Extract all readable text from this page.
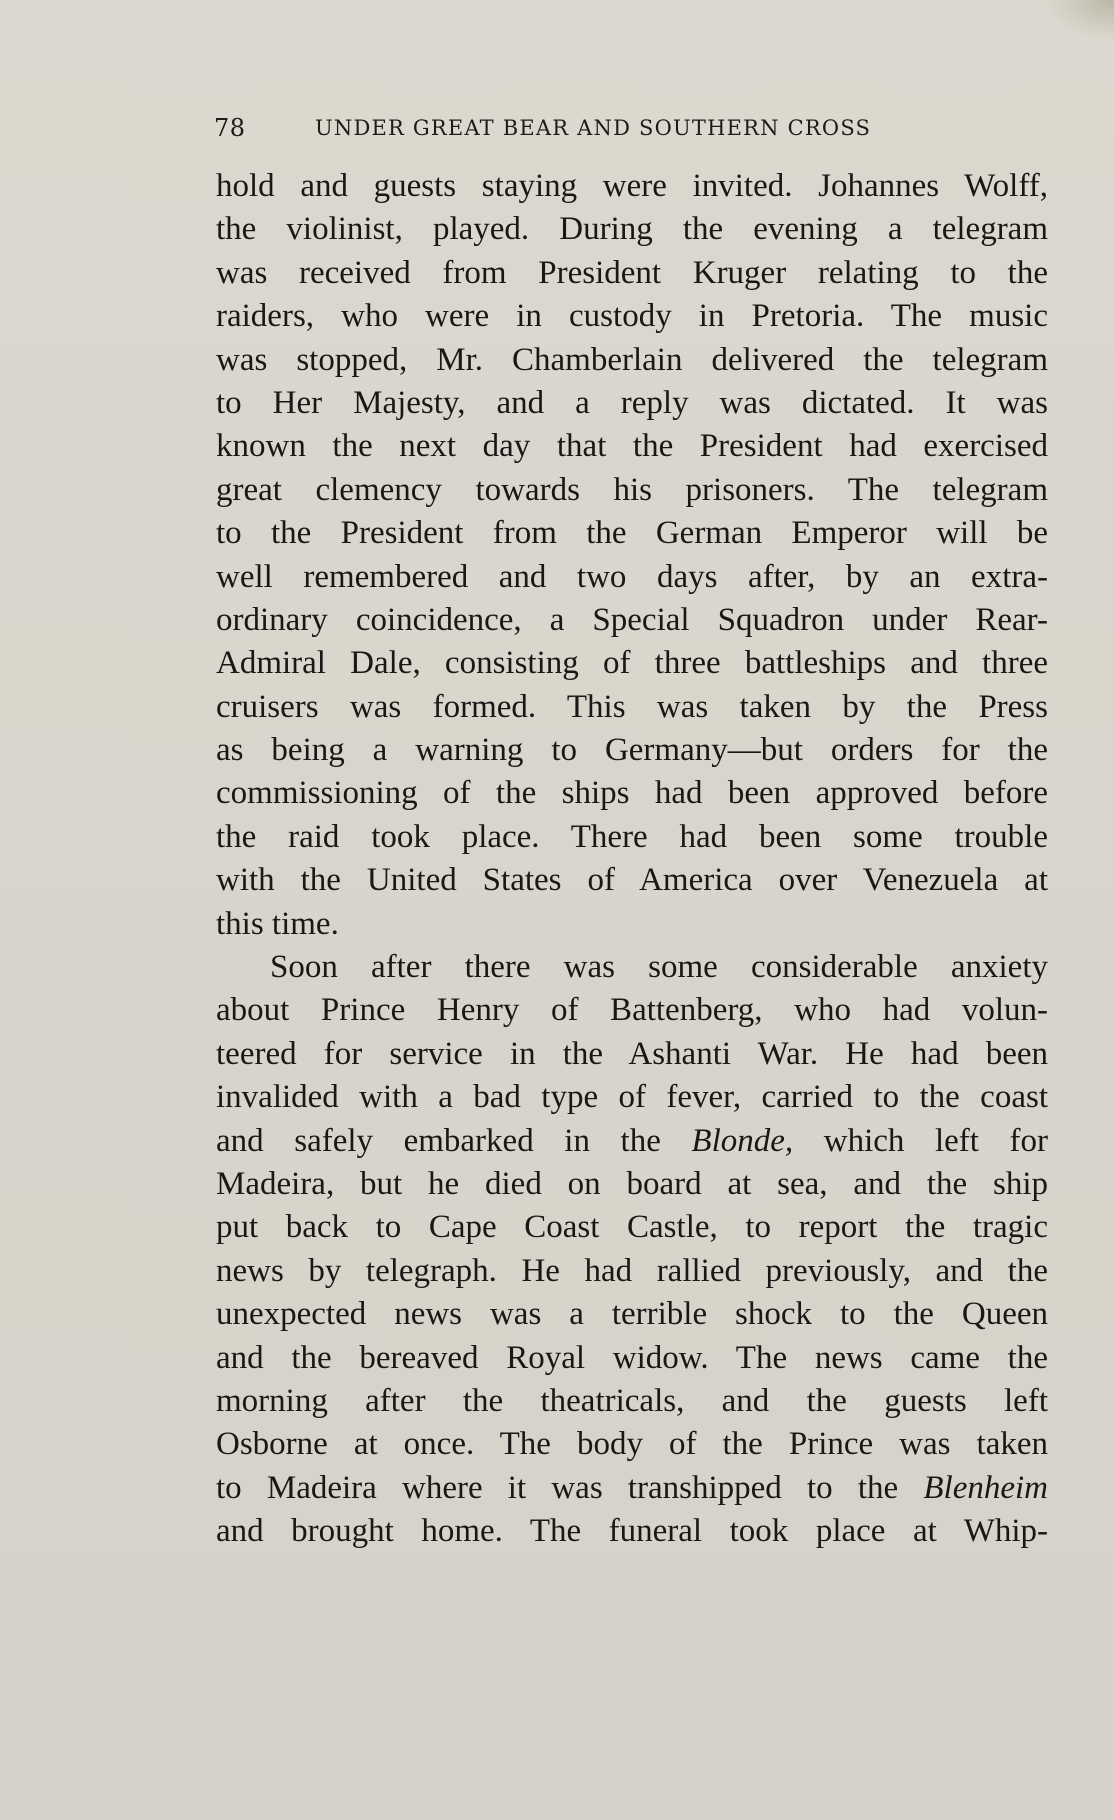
78	UNDER GREAT BEAR AND SOUTHERN CROSS
hold and guests staying were invited. Johannes Wolff,
the violinist, played. During the evening a telegram
was received from President Kruger relating to the
raiders, who were in custody in Pretoria. The music
was stopped, Mr. Chamberlain delivered the telegram
to Her Majesty, and a reply was dictated. It was
known the next day that the President had exercised
great clemency towards his prisoners. The telegram
to the President from the German Emperor will be
well remembered and two days after, by an extra-
ordinary coincidence, a Special Squadron under Rear-
Admiral Dale, consisting of three battleships and three
cruisers was formed. This was taken by the Press
as being a warning to Germany—but orders for the
commissioning of the ships had been approved before
the raid took place. There had been some trouble
with the United States of America over Venezuela at
this time.
Soon after there was some considerable anxiety
about Prince Henry of Battenberg, who had volun-
teered for service in the Ashanti War. He had been
invalided with a bad type of fever, carried to the coast
and safely embarked in the Blonde, which left for
Madeira, but he died on board at sea, and the ship
put back to Cape Coast Castle, to report the tragic
news by telegraph. He had rallied previously, and the
unexpected news was a terrible shock to the Queen
and the bereaved Royal widow. The news came the
morning after the theatricals, and the guests left
Osborne at once. The body of the Prince was taken
to Madeira where it was transhipped to the Blenheim
and brought home. The funeral took place at Whip-
